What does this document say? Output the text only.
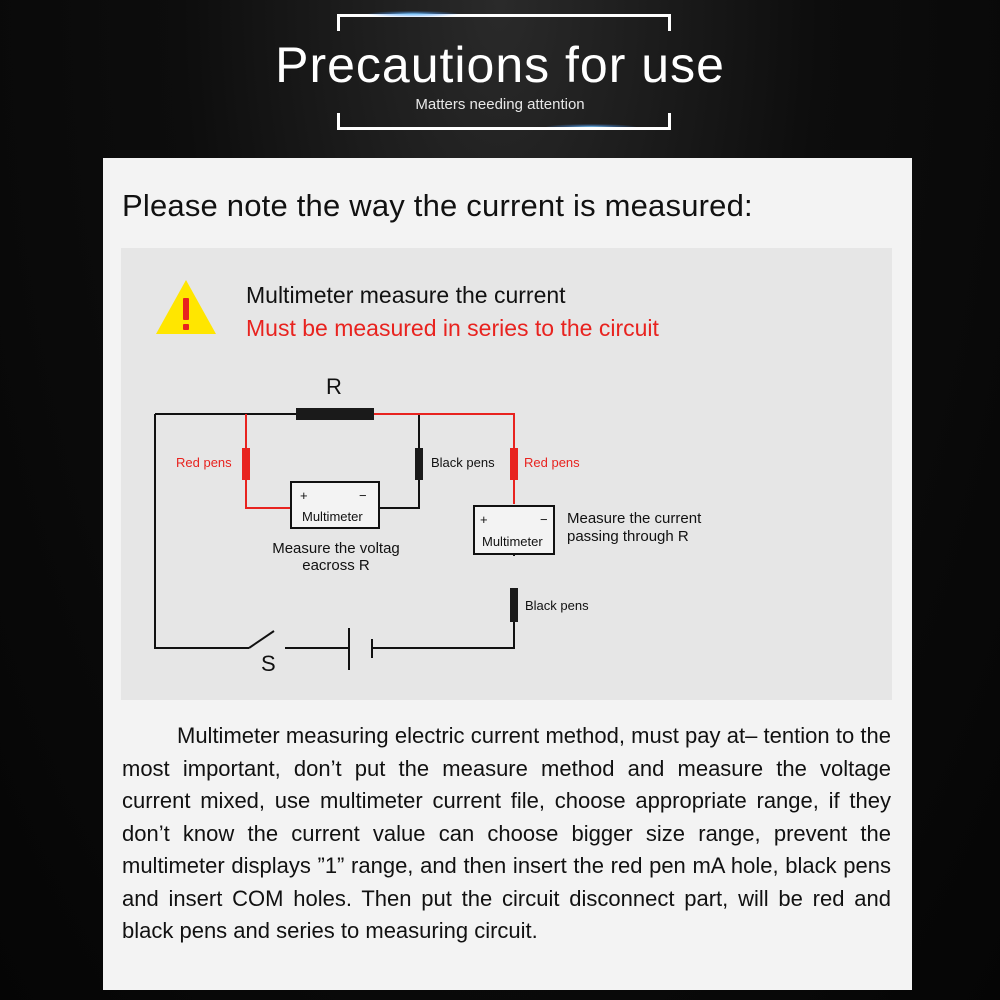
Precautions for use
Matters needing attention
Please note the way the current is measured:
Multimeter measure the current
Must be measured in series to the circuit
R
S
Red pens	Black pens
+	−
Multimeter
Measure the voltag
eacross R
Red pens
Black pens
+	−
Multimeter
Measure the current
passing through R

   Multimeter measuring electric current method, must pay at– tention to the most important, don’t put the measure method and measure the voltage current mixed, use multimeter current file, choose appropriate range, if they don’t know the current value can choose bigger size range, prevent the multimeter displays ”1” range, and then insert the red pen mA hole, black pens and insert COM holes. Then put the circuit disconnect part, will be red and black pens and series to measuring circuit.
